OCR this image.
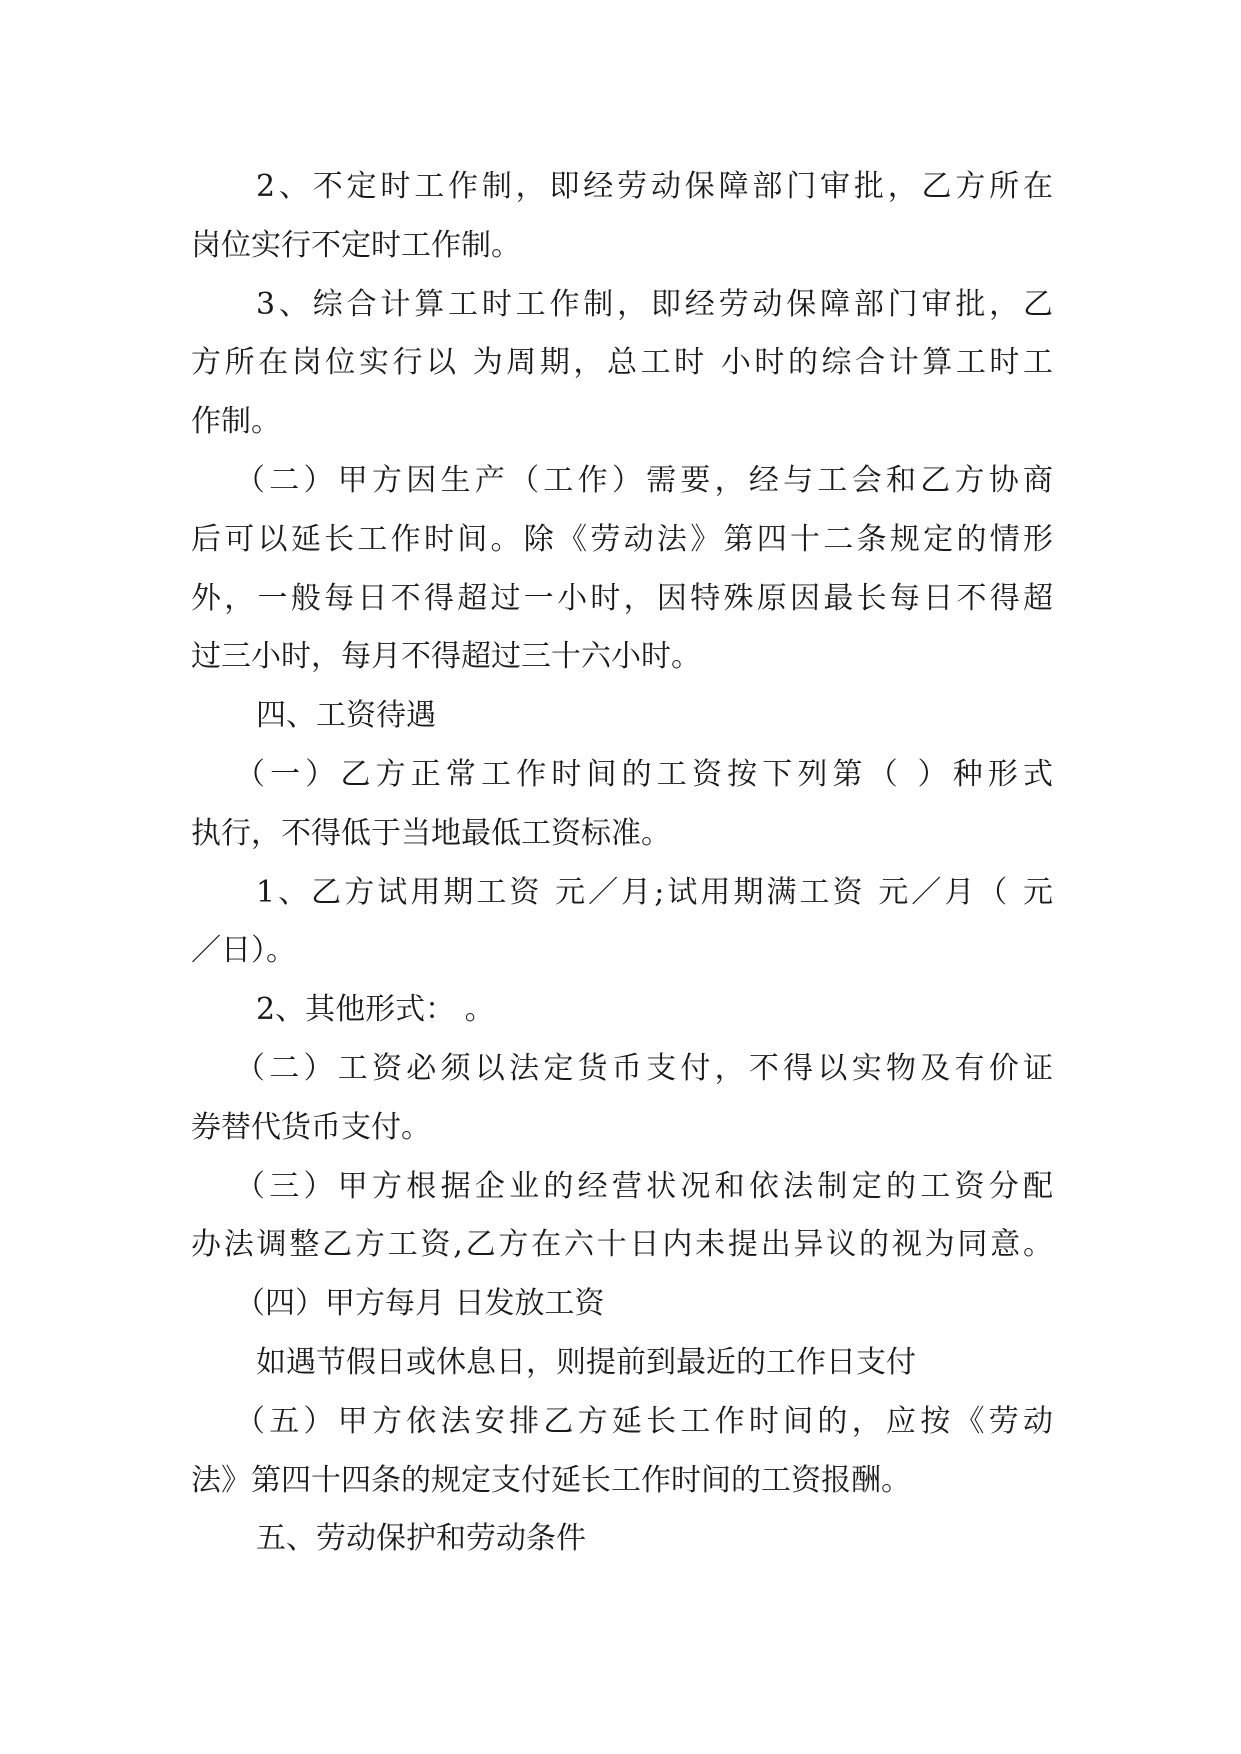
2、不定时工作制，即经劳动保障部门审批，乙方所在
岗位实行不定时工作制。
3、综合计算工时工作制，即经劳动保障部门审批，乙
方所在岗位实行以 为周期，总工时 小时的综合计算工时工
作制。
（二）甲方因生产（工作）需要，经与工会和乙方协商
后可以延长工作时间。除《劳动法》第四十二条规定的情形
外，一般每日不得超过一小时，因特殊原因最长每日不得超
过三小时，每月不得超过三十六小时。
四、工资待遇
（一）乙方正常工作时间的工资按下列第（ ）种形式
执行，不得低于当地最低工资标准。
1、乙方试用期工资 元／月;试用期满工资 元／月（ 元
／日）。
2、其他形式： 。
（二）工资必须以法定货币支付，不得以实物及有价证
券替代货币支付。
（三）甲方根据企业的经营状况和依法制定的工资分配
办法调整乙方工资,乙方在六十日内未提出异议的视为同意。
（四）甲方每月 日发放工资
如遇节假日或休息日，则提前到最近的工作日支付
（五）甲方依法安排乙方延长工作时间的，应按《劳动
法》第四十四条的规定支付延长工作时间的工资报酬。
五、劳动保护和劳动条件
